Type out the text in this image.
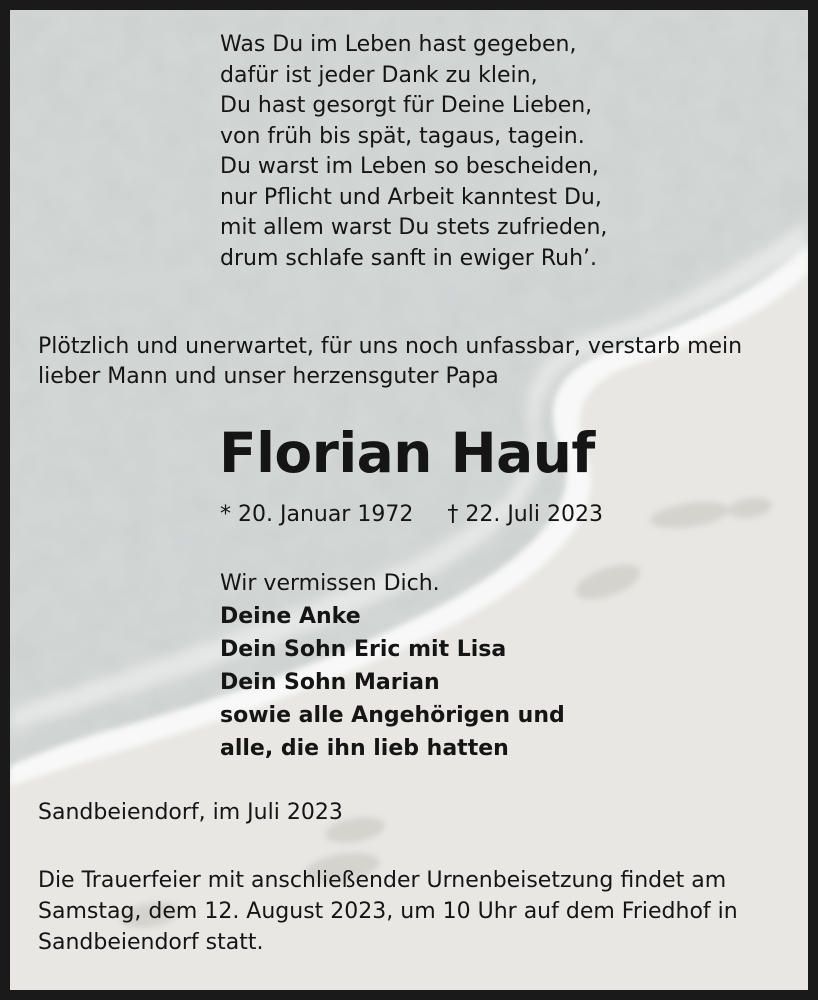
Was Du im Leben hast gegeben,
dafür ist jeder Dank zu klein,
Du hast gesorgt für Deine Lieben,
von früh bis spät, tagaus, tagein.
Du warst im Leben so bescheiden,
nur Pflicht und Arbeit kanntest Du,
mit allem warst Du stets zufrieden,
drum schlafe sanft in ewiger Ruh’.
Plötzlich und unerwartet, für uns noch unfassbar, verstarb mein
lieber Mann und unser herzensguter Papa
Florian Hauf
* 20. Januar 1972 † 22. Juli 2023
Wir vermissen Dich.
Deine Anke
Dein Sohn Eric mit Lisa
Dein Sohn Marian
sowie alle Angehörigen und
alle, die ihn lieb hatten
Sandbeiendorf, im Juli 2023
Die Trauerfeier mit anschließender Urnenbeisetzung findet am
Samstag, dem 12. August 2023, um 10 Uhr auf dem Friedhof in
Sandbeiendorf statt.
